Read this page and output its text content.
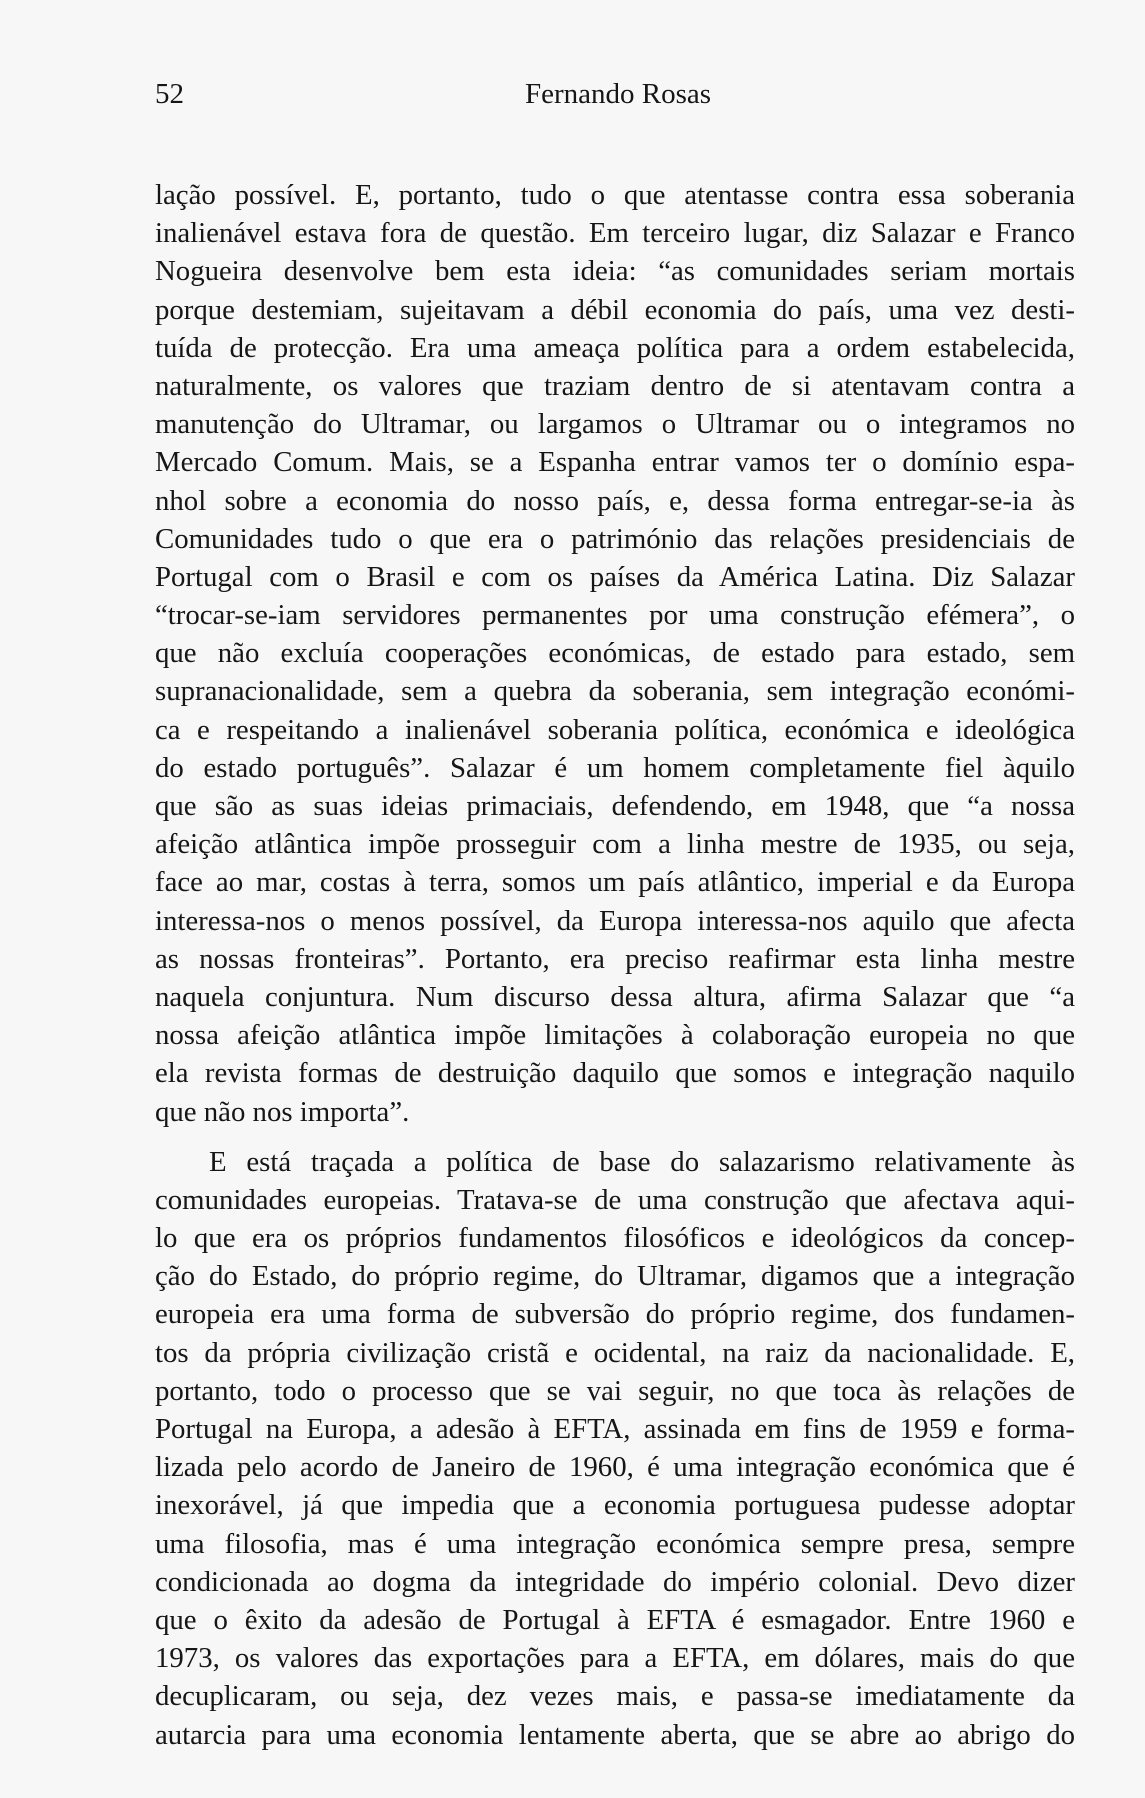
52	Fernando Rosas
lação possível. E, portanto, tudo o que atentasse contra essa soberania
inalienável estava fora de questão. Em terceiro lugar, diz Salazar e Franco
Nogueira desenvolve bem esta ideia: “as comunidades seriam mortais
porque destemiam, sujeitavam a débil economia do país, uma vez desti-
tuída de protecção. Era uma ameaça política para a ordem estabelecida,
naturalmente, os valores que traziam dentro de si atentavam contra a
manutenção do Ultramar, ou largamos o Ultramar ou o integramos no
Mercado Comum. Mais, se a Espanha entrar vamos ter o domínio espa-
nhol sobre a economia do nosso país, e, dessa forma entregar-se-ia às
Comunidades tudo o que era o património das relações presidenciais de
Portugal com o Brasil e com os países da América Latina. Diz Salazar
“trocar-se-iam servidores permanentes por uma construção efémera”, o
que não excluía cooperações económicas, de estado para estado, sem
supranacionalidade, sem a quebra da soberania, sem integração económi-
ca e respeitando a inalienável soberania política, económica e ideológica
do estado português”. Salazar é um homem completamente fiel àquilo
que são as suas ideias primaciais, defendendo, em 1948, que “a nossa
afeição atlântica impõe prosseguir com a linha mestre de 1935, ou seja,
face ao mar, costas à terra, somos um país atlântico, imperial e da Europa
interessa-nos o menos possível, da Europa interessa-nos aquilo que afecta
as nossas fronteiras”. Portanto, era preciso reafirmar esta linha mestre
naquela conjuntura. Num discurso dessa altura, afirma Salazar que “a
nossa afeição atlântica impõe limitações à colaboração europeia no que
ela revista formas de destruição daquilo que somos e integração naquilo
que não nos importa”.
E está traçada a política de base do salazarismo relativamente às
comunidades europeias. Tratava-se de uma construção que afectava aqui-
lo que era os próprios fundamentos filosóficos e ideológicos da concep-
ção do Estado, do próprio regime, do Ultramar, digamos que a integração
europeia era uma forma de subversão do próprio regime, dos fundamen-
tos da própria civilização cristã e ocidental, na raiz da nacionalidade. E,
portanto, todo o processo que se vai seguir, no que toca às relações de
Portugal na Europa, a adesão à EFTA, assinada em fins de 1959 e forma-
lizada pelo acordo de Janeiro de 1960, é uma integração económica que é
inexorável, já que impedia que a economia portuguesa pudesse adoptar
uma filosofia, mas é uma integração económica sempre presa, sempre
condicionada ao dogma da integridade do império colonial. Devo dizer
que o êxito da adesão de Portugal à EFTA é esmagador. Entre 1960 e
1973, os valores das exportações para a EFTA, em dólares, mais do que
decuplicaram, ou seja, dez vezes mais, e passa-se imediatamente da
autarcia para uma economia lentamente aberta, que se abre ao abrigo do
